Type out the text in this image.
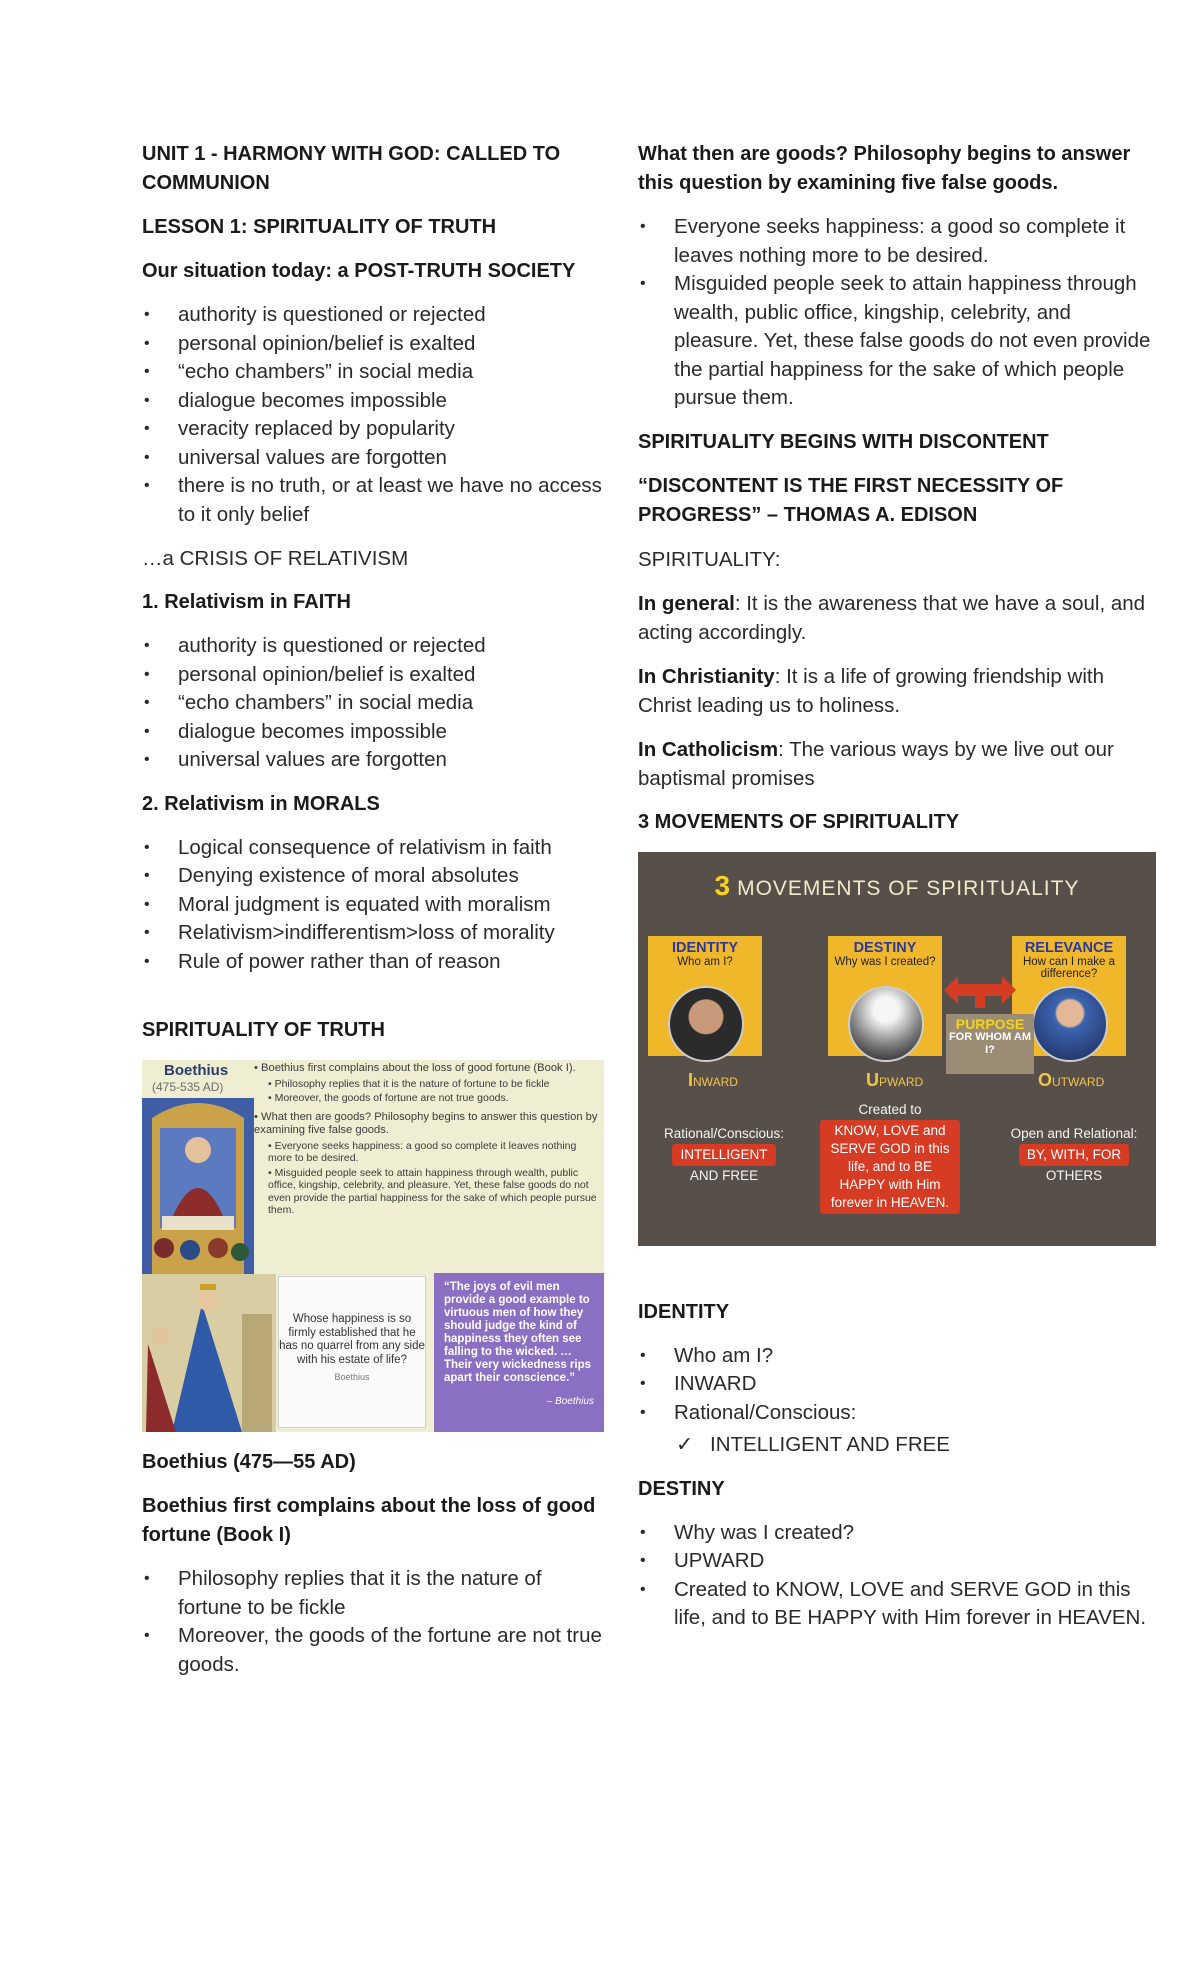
UNIT 1 - HARMONY WITH GOD: CALLED TO COMMUNION
LESSON 1: SPIRITUALITY OF TRUTH
Our situation today: a POST-TRUTH SOCIETY
• authority is questioned or rejected
• personal opinion/belief is exalted
• “echo chambers” in social media
• dialogue becomes impossible
• veracity replaced by popularity
• universal values are forgotten
• there is no truth, or at least we have no access to it only belief
…a CRISIS OF RELATIVISM
1. Relativism in FAITH
• authority is questioned or rejected
• personal opinion/belief is exalted
• “echo chambers” in social media
• dialogue becomes impossible
• universal values are forgotten
2. Relativism in MORALS
• Logical consequence of relativism in faith
• Denying existence of moral absolutes
• Moral judgment is equated with moralism
• Relativism>indifferentism>loss of morality
• Rule of power rather than of reason
SPIRITUALITY OF TRUTH
Boethius
(475-535 AD)

• Boethius first complains about the loss of good fortune (Book I).

• Philosophy replies that it is the nature of fortune to be fickle

• Moreover, the goods of fortune are not true goods.

• What then are goods? Philosophy begins to answer this question by examining five false goods.

• Everyone seeks happiness: a good so complete it leaves nothing more to be desired.

• Misguided people seek to attain happiness through wealth, public office, kingship, celebrity, and pleasure. Yet, these false goods do not even provide the partial happiness for the sake of which people pursue them.

Whose happiness is so firmly established that he has no quarrel from any side with his estate of life?
Boethius
“The joys of evil men provide a good example to virtuous men of how they should judge the kind of happiness they often see falling to the wicked. … Their very wickedness rips apart their conscience.”
– Boethius
Boethius (475—55 AD)
Boethius first complains about the loss of good fortune (Book I)
• Philosophy replies that it is the nature of fortune to be fickle
• Moreover, the goods of the fortune are not true goods.
What then are goods? Philosophy begins to answer this question by examining five false goods.
• Everyone seeks happiness: a good so complete it leaves nothing more to be desired.
• Misguided people seek to attain happiness through wealth, public office, kingship, celebrity, and pleasure. Yet, these false goods do not even provide the partial happiness for the sake of which people pursue them.
SPIRITUALITY BEGINS WITH DISCONTENT
“DISCONTENT IS THE FIRST NECESSITY OF PROGRESS” – THOMAS A. EDISON
SPIRITUALITY:
In general: It is the awareness that we have a soul, and acting accordingly.
In Christianity: It is a life of growing friendship with Christ leading us to holiness.
In Catholicism: The various ways by we live out our baptismal promises
3 MOVEMENTS OF SPIRITUALITY
3 MOVEMENTS OF SPIRITUALITY
IDENTITY
Who am I?
DESTINY
Why was I created?
RELEVANCE
How can I make a difference?
PURPOSE
FOR WHOM AM I?
INWARD	UPWARD	OUTWARD
Rational/Conscious:
INTELLIGENT
AND FREE
Created to
KNOW, LOVE and SERVE GOD in this life, and to BE HAPPY with Him forever in HEAVEN.
Open and Relational:
BY, WITH, FOR
OTHERS
IDENTITY
• Who am I?
• INWARD
• Rational/Conscious:
✓ INTELLIGENT AND FREE
DESTINY
• Why was I created?
• UPWARD
• Created to KNOW, LOVE and SERVE GOD in this life, and to BE HAPPY with Him forever in HEAVEN.
